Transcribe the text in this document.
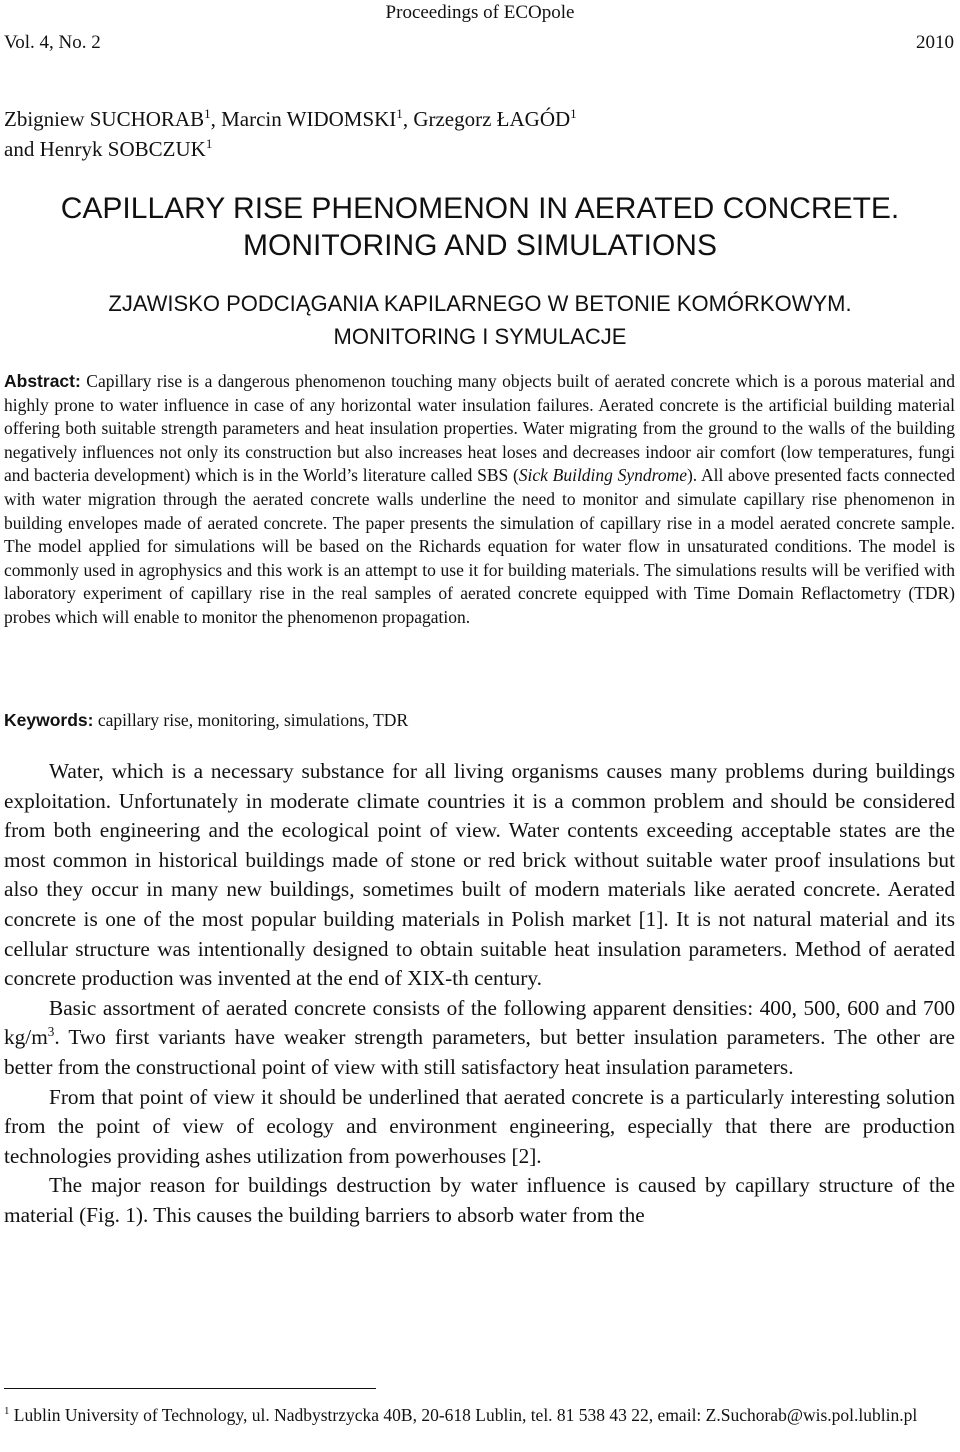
Proceedings of ECOpole
Vol. 4, No. 2	2010
Zbigniew SUCHORAB$^1$, Marcin WIDOMSKI$^1$, Grzegorz ŁAGÓD$^1$
and Henryk SOBCZUK$^1$
CAPILLARY RISE PHENOMENON IN AERATED CONCRETE.
MONITORING AND SIMULATIONS
ZJAWISKO PODCIĄGANIA KAPILARNEGO W BETONIE KOMÓRKOWYM.
MONITORING I SYMULACJE
Abstract: Capillary rise is a dangerous phenomenon touching many objects built of aerated concrete which is a porous material and highly prone to water influence in case of any horizontal water insulation failures. Aerated concrete is the artificial building material offering both suitable strength parameters and heat insulation properties. Water migrating from the ground to the walls of the building negatively influences not only its construction but also increases heat loses and decreases indoor air comfort (low temperatures, fungi and bacteria development) which is in the World’s literature called SBS (Sick Building Syndrome). All above presented facts connected with water migration through the aerated concrete walls underline the need to monitor and simulate capillary rise phenomenon in building envelopes made of aerated concrete. The paper presents the simulation of capillary rise in a model aerated concrete sample. The model applied for simulations will be based on the Richards equation for water flow in unsaturated conditions. The model is commonly used in agrophysics and this work is an attempt to use it for building materials. The simulations results will be verified with laboratory experiment of capillary rise in the real samples of aerated concrete equipped with Time Domain Reflactometry (TDR) probes which will enable to monitor the phenomenon propagation.
Keywords: capillary rise, monitoring, simulations, TDR

Water, which is a necessary substance for all living organisms causes many problems during buildings exploitation. Unfortunately in moderate climate countries it is a common problem and should be considered from both engineering and the ecological point of view. Water contents exceeding acceptable states are the most common in historical buildings made of stone or red brick without suitable water proof insulations but also they occur in many new buildings, sometimes built of modern materials like aerated concrete. Aerated concrete is one of the most popular building materials in Polish market [1]. It is not natural material and its cellular structure was intentionally designed to obtain suitable heat insulation parameters. Method of aerated concrete production was invented at the end of XIX-th century.

Basic assortment of aerated concrete consists of the following apparent densities: 400, 500, 600 and 700 $kg/m^3$. Two first variants have weaker strength parameters, but better insulation parameters. The other are better from the constructional point of view with still satisfactory heat insulation parameters.

From that point of view it should be underlined that aerated concrete is a particularly interesting solution from the point of view of ecology and environment engineering, especially that there are production technologies providing ashes utilization from powerhouses [2].

The major reason for buildings destruction by water influence is caused by capillary structure of the material (Fig. 1). This causes the building barriers to absorb water from the

$^1$ Lublin University of Technology, ul. Nadbystrzycka 40B, 20-618 Lublin, tel. 81 538 43 22, email: Z.Suchorab@wis.pol.lublin.pl
